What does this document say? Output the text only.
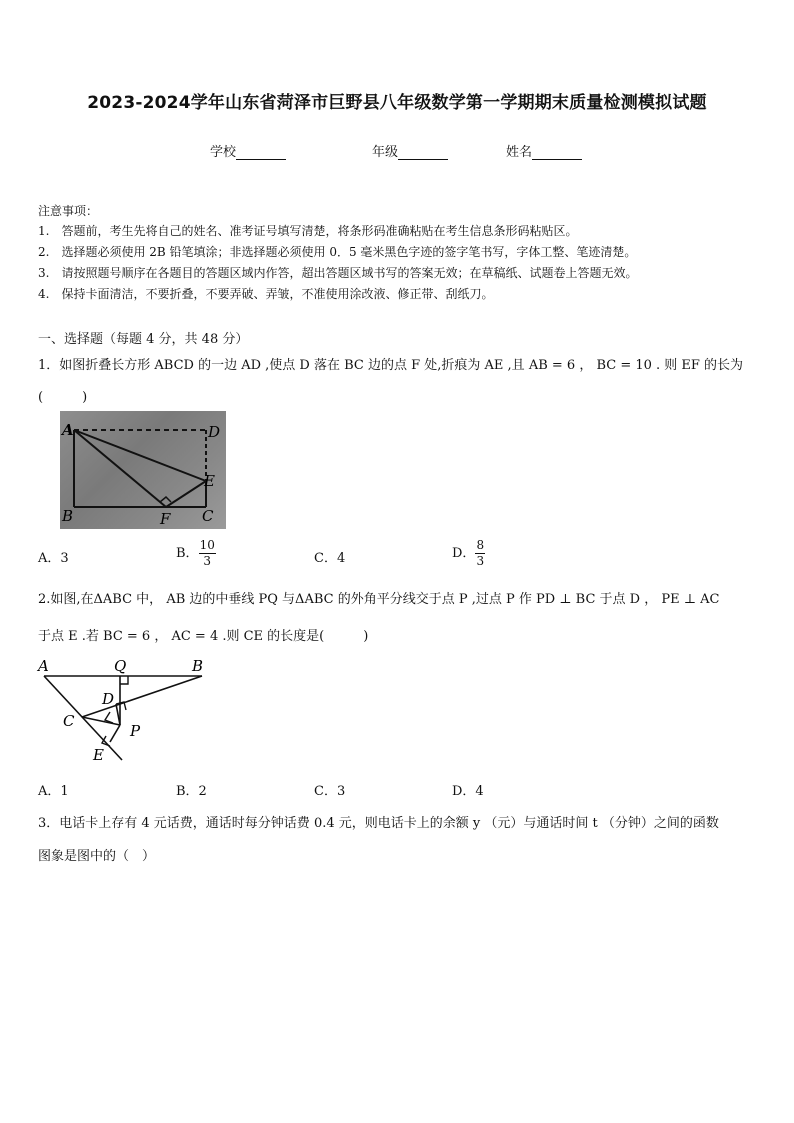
2023-2024学年山东省菏泽市巨野县八年级数学第一学期期末质量检测模拟试题
学校	年级	姓名
注意事项：
1.　答题前，考生先将自己的姓名、准考证号填写清楚，将条形码准确粘贴在考生信息条形码粘贴区。
2.　选择题必须使用 2B 铅笔填涂；非选择题必须使用 0．5 毫米黑色字迹的签字笔书写，字体工整、笔迹清楚。
3.　请按照题号顺序在各题目的答题区域内作答，超出答题区域书写的答案无效；在草稿纸、试题卷上答题无效。
4.　保持卡面清洁，不要折叠，不要弄破、弄皱，不准使用涂改液、修正带、刮纸刀。
一、选择题（每题 4 分，共 48 分）
1．如图折叠长方形 ABCD 的一边 AD ,使点 D 落在 BC 边的点 F 处,折痕为 AE ,且 AB = 6 ， BC = 10 . 则 EF 的长为
(　　　)
A	D
E
B	F C
A．3	B． $\frac{10}{3}$	C．4	D． $\frac{8}{3}$
2.如图,在ΔABC 中， AB 边的中垂线 PQ 与ΔABC 的外角平分线交于点 P ,过点 P 作 PD ⊥ BC 于点 D ， PE ⊥ AC
于点 E .若 BC = 6 ， AC = 4 .则 CE 的长度是(　　　)
A	Q	B
D
C
P
E
A．1	B．2	C．3	D．4
3．电话卡上存有 4 元话费，通话时每分钟话费 0.4 元，则电话卡上的余额 y （元）与通话时间 t （分钟）之间的函数
图象是图中的（　）
